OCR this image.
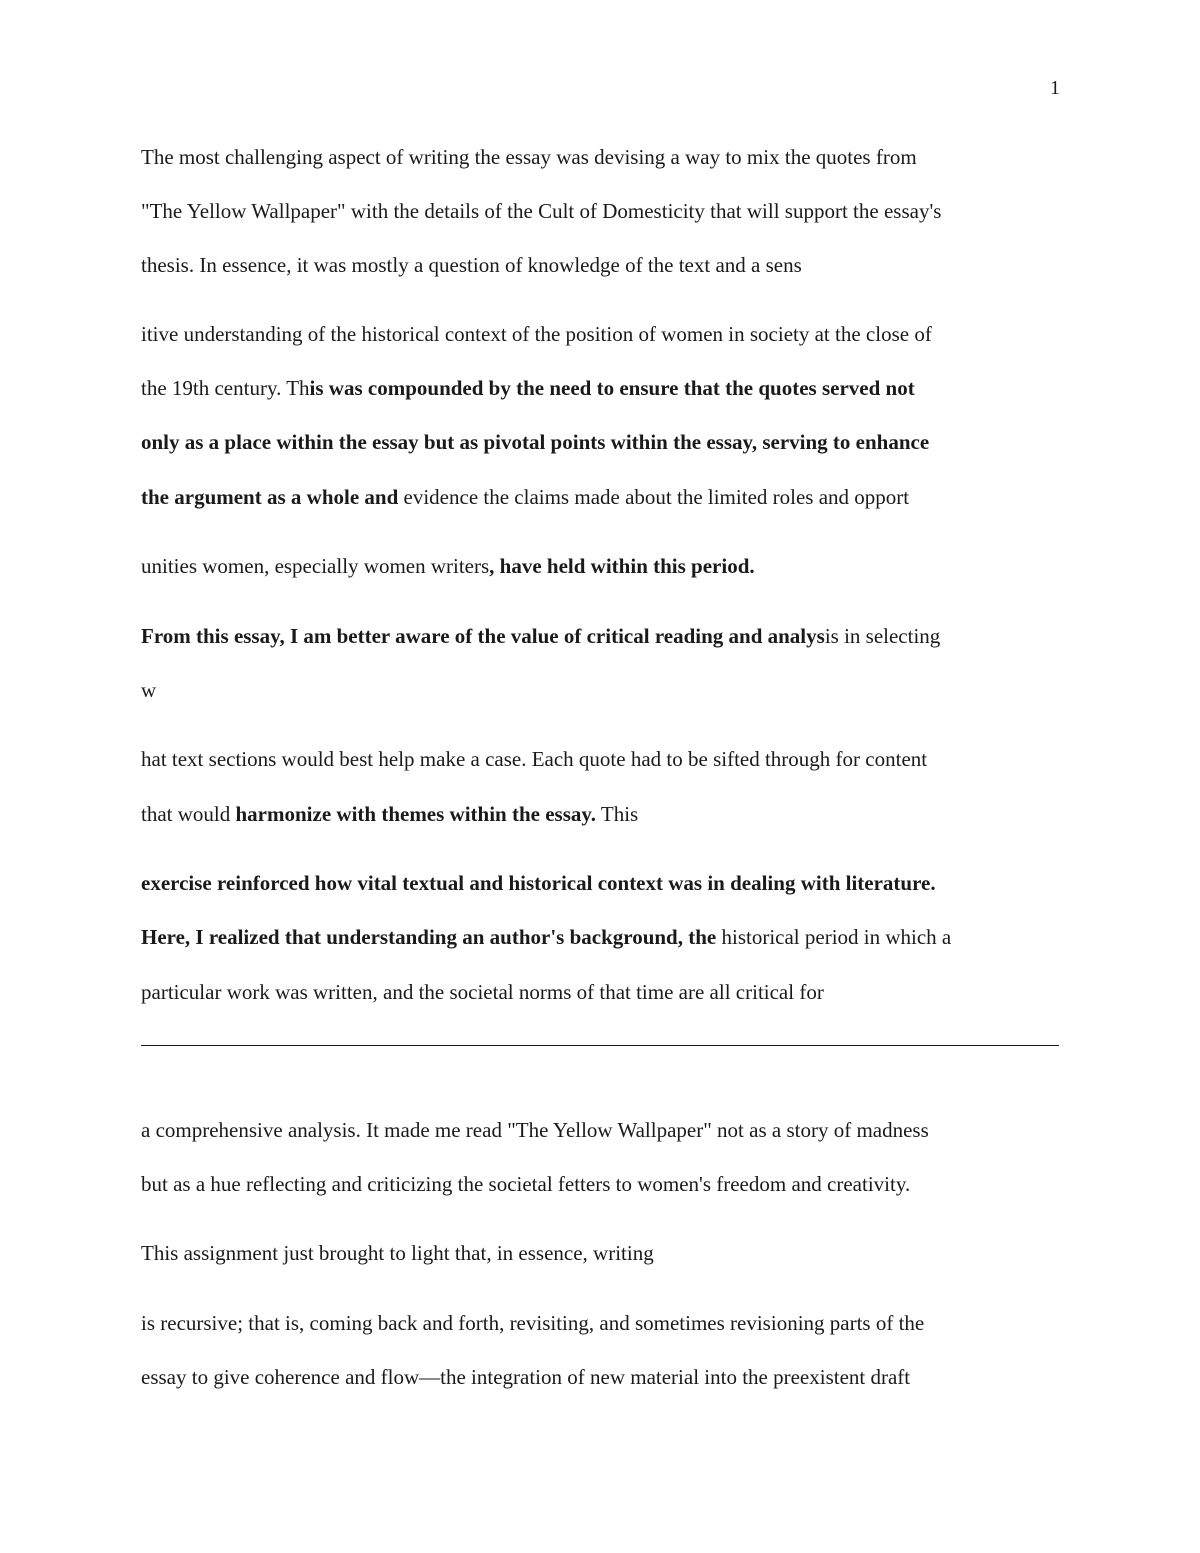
1
The most challenging aspect of writing the essay was devising a way to mix the quotes from
"The Yellow Wallpaper" with the details of the Cult of Domesticity that will support the essay's
thesis. In essence, it was mostly a question of knowledge of the text and a sens
itive understanding of the historical context of the position of women in society at the close of
the 19th century. This was compounded by the need to ensure that the quotes served not
only as a place within the essay but as pivotal points within the essay, serving to enhance
the argument as a whole and evidence the claims made about the limited roles and opport
unities women, especially women writers, have held within this period.
From this essay, I am better aware of the value of critical reading and analysis in selecting
w
hat text sections would best help make a case. Each quote had to be sifted through for content
that would harmonize with themes within the essay. This
exercise reinforced how vital textual and historical context was in dealing with literature.
Here, I realized that understanding an author's background, the historical period in which a
particular work was written, and the societal norms of that time are all critical for
a comprehensive analysis. It made me read "The Yellow Wallpaper" not as a story of madness
but as a hue reflecting and criticizing the societal fetters to women's freedom and creativity.
This assignment just brought to light that, in essence, writing
is recursive; that is, coming back and forth, revisiting, and sometimes revisioning parts of the
essay to give coherence and flow—the integration of new material into the preexistent draft
